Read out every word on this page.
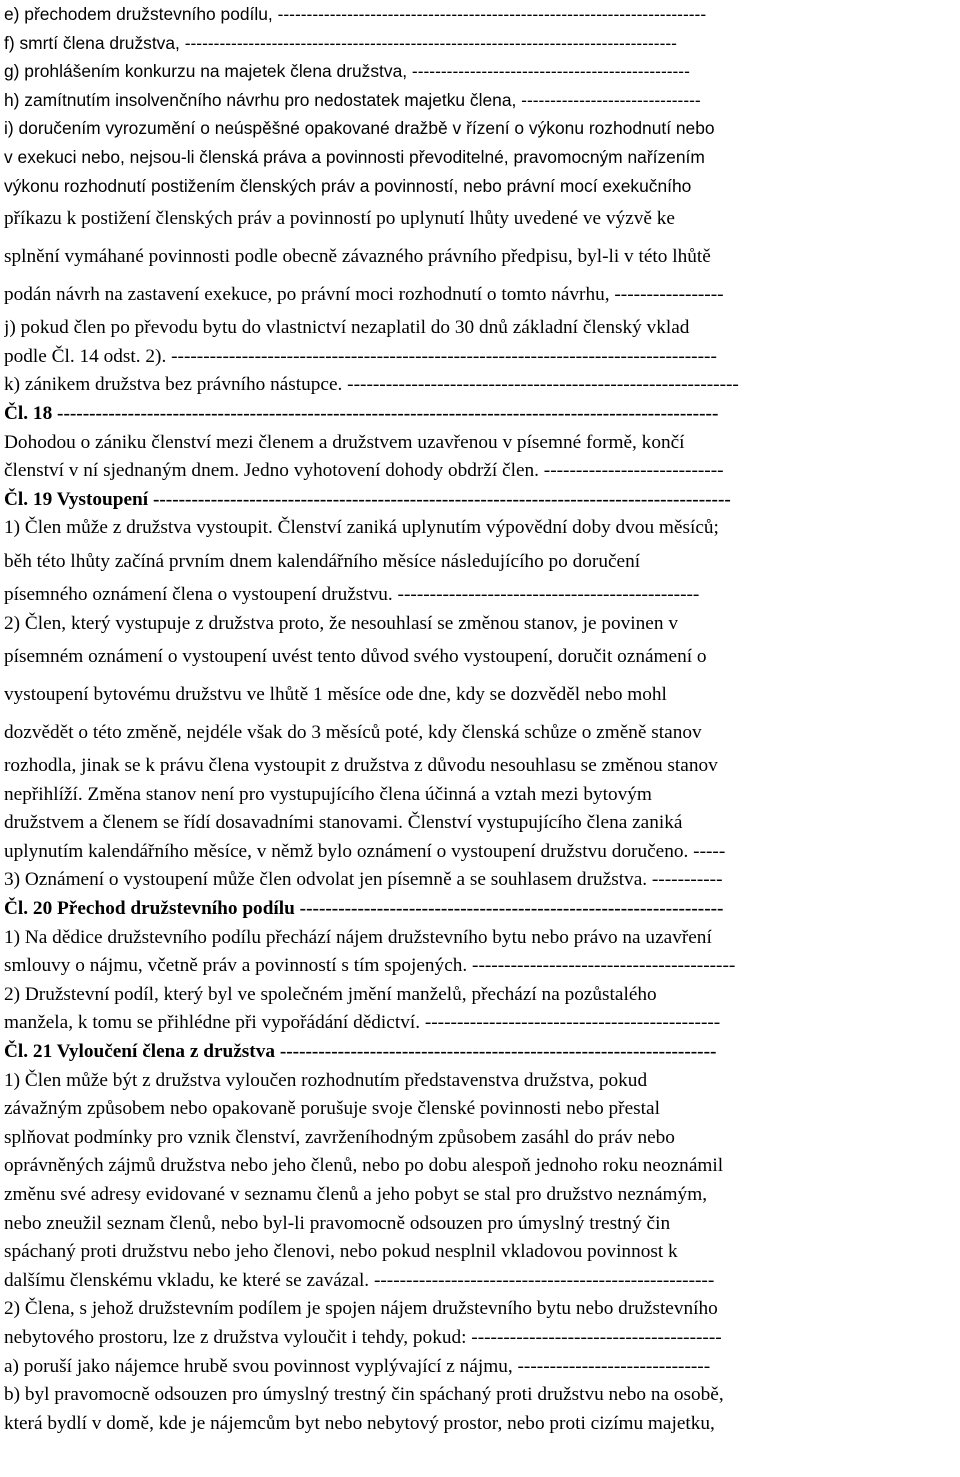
e) přechodem družstevního podílu, --------------------------------------------------------------------------
f) smrtí člena družstva, -------------------------------------------------------------------------------------
g) prohlášením konkurzu na majetek člena družstva, ------------------------------------------------
h) zamítnutím insolvenčního návrhu pro nedostatek majetku člena, -------------------------------
i) doručením vyrozumění o neúspěšné opakované dražbě v řízení o výkonu rozhodnutí nebo
v exekuci nebo, nejsou-li členská práva a povinnosti převoditelné, pravomocným nařízením
výkonu rozhodnutí postižením členských práv a povinností, nebo právní mocí exekučního
příkazu k postižení členských práv a povinností po uplynutí lhůty uvedené ve výzvě ke
splnění vymáhané povinnosti podle obecně závazného právního předpisu, byl-li v této lhůtě
podán návrh na zastavení exekuce, po právní moci rozhodnutí o tomto návrhu, -----------------
j) pokud člen po převodu bytu do vlastnictví nezaplatil do 30 dnů základní členský vklad
podle Čl. 14 odst. 2). -------------------------------------------------------------------------------------
k) zánikem družstva bez právního nástupce. -------------------------------------------------------------
Čl. 18 -------------------------------------------------------------------------------------------------------
Dohodou o zániku členství mezi členem a družstvem uzavřenou v písemné formě, končí
členství v ní sjednaným dnem. Jedno vyhotovení dohody obdrží člen. ----------------------------
Čl. 19 Vystoupení ------------------------------------------------------------------------------------------
1) Člen může z družstva vystoupit. Členství zaniká uplynutím výpovědní doby dvou měsíců;
běh této lhůty začíná prvním dnem kalendářního měsíce následujícího po doručení
písemného oznámení člena o vystoupení družstvu. -----------------------------------------------
2) Člen, který vystupuje z družstva proto, že nesouhlasí se změnou stanov, je povinen v
písemném oznámení o vystoupení uvést tento důvod svého vystoupení, doručit oznámení o
vystoupení bytovému družstvu ve lhůtě 1 měsíce ode dne, kdy se dozvěděl nebo mohl
dozvědět o této změně, nejdéle však do 3 měsíců poté, kdy členská schůze o změně stanov
rozhodla, jinak se k právu člena vystoupit z družstva z důvodu nesouhlasu se změnou stanov
nepřihlíží. Změna stanov není pro vystupujícího člena účinná a vztah mezi bytovým
družstvem a členem se řídí dosavadními stanovami. Členství vystupujícího člena zaniká
uplynutím kalendářního měsíce, v němž bylo oznámení o vystoupení družstvu doručeno. -----
3) Oznámení o vystoupení může člen odvolat jen písemně a se souhlasem družstva. -----------
Čl. 20 Přechod družstevního podílu ------------------------------------------------------------------
1) Na dědice družstevního podílu přechází nájem družstevního bytu nebo právo na uzavření
smlouvy o nájmu, včetně práv a povinností s tím spojených. -----------------------------------------
2) Družstevní podíl, který byl ve společném jmění manželů, přechází na pozůstalého
manžela, k tomu se přihlédne při vypořádání dědictví. ----------------------------------------------
Čl. 21 Vyloučení člena z družstva --------------------------------------------------------------------
1) Člen může být z družstva vyloučen rozhodnutím představenstva družstva, pokud
závažným způsobem nebo opakovaně porušuje svoje členské povinnosti nebo přestal
splňovat podmínky pro vznik členství, zavrženíhodným způsobem zasáhl do práv nebo
oprávněných zájmů družstva nebo jeho členů, nebo po dobu alespoň jednoho roku neoznámil
změnu své adresy evidované v seznamu členů a jeho pobyt se stal pro družstvo neznámým,
nebo zneužil seznam členů, nebo byl-li pravomocně odsouzen pro úmyslný trestný čin
spáchaný proti družstvu nebo jeho členovi, nebo pokud nesplnil vkladovou povinnost k
dalšímu členskému vkladu, ke které se zavázal. -----------------------------------------------------
2) Člena, s jehož družstevním podílem je spojen nájem družstevního bytu nebo družstevního
nebytového prostoru, lze z družstva vyloučit i tehdy, pokud: ---------------------------------------
a) poruší jako nájemce hrubě svou povinnost vyplývající z nájmu, ------------------------------
b) byl pravomocně odsouzen pro úmyslný trestný čin spáchaný proti družstvu nebo na osobě,
která bydlí v domě, kde je nájemcům byt nebo nebytový prostor, nebo proti cizímu majetku,
